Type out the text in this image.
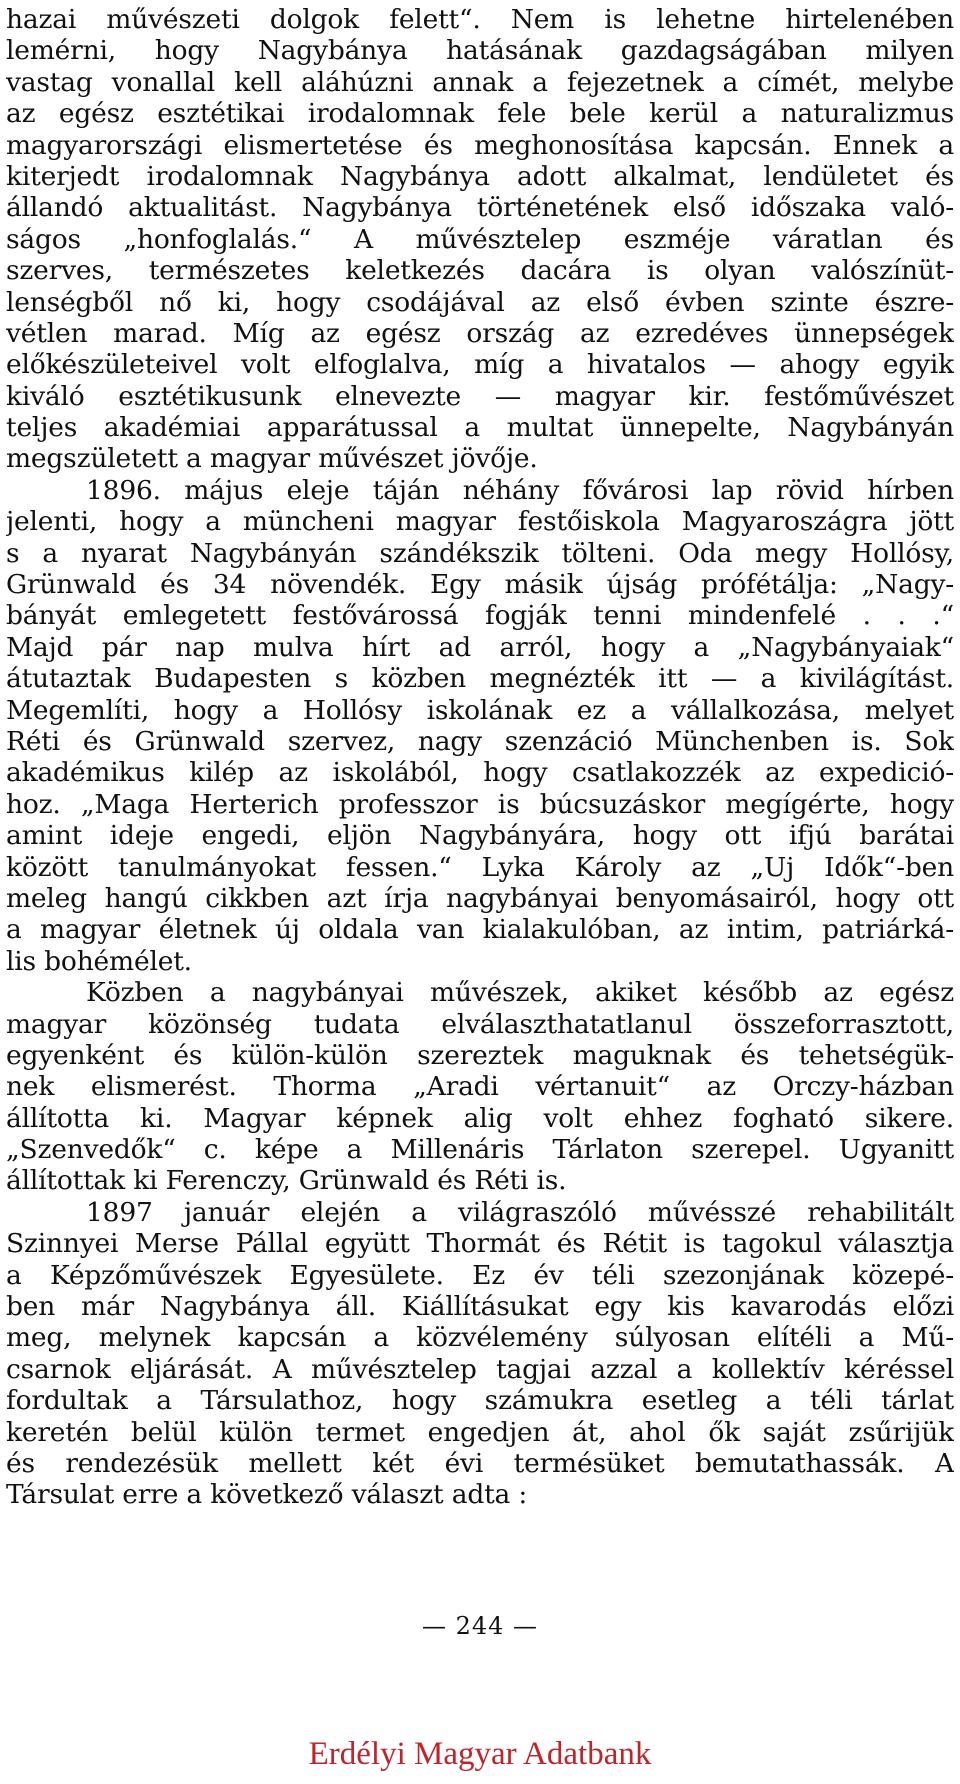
hazai művészeti dolgok felett“. Nem is lehetne hirtelenében
lemérni, hogy Nagybánya hatásának gazdagságában milyen
vastag vonallal kell aláhúzni annak a fejezetnek a címét, melybe
az egész esztétikai irodalomnak fele bele kerül a naturalizmus
magyarországi elismertetése és meghonosítása kapcsán. Ennek a
kiterjedt irodalomnak Nagybánya adott alkalmat, lendületet és
állandó aktualitást. Nagybánya történetének első időszaka való-
ságos „honfoglalás.“ A művésztelep eszméje váratlan és
szerves, természetes keletkezés dacára is olyan valószínüt-
lenségből nő ki, hogy csodájával az első évben szinte észre-
vétlen marad. Míg az egész ország az ezredéves ünnepségek
előkészületeivel volt elfoglalva, míg a hivatalos — ahogy egyik
kiváló esztétikusunk elnevezte — magyar kir. festőművészet
teljes akadémiai apparátussal a multat ünnepelte, Nagybányán
megszületett a magyar művészet jövője.
1896. május eleje táján néhány fővárosi lap rövid hírben
jelenti, hogy a müncheni magyar festőiskola Magyaroszágra jött
s a nyarat Nagybányán szándékszik tölteni. Oda megy Hollósy,
Grünwald és 34 növendék. Egy másik újság prófétálja: „Nagy-
bányát emlegetett festővárossá fogják tenni mindenfelé . . .“
Majd pár nap mulva hírt ad arról, hogy a „Nagybányaiak“
átutaztak Budapesten s közben megnézték itt — a kivilágítást.
Megemlíti, hogy a Hollósy iskolának ez a vállalkozása, melyet
Réti és Grünwald szervez, nagy szenzáció Münchenben is. Sok
akadémikus kilép az iskolából, hogy csatlakozzék az expedició-
hoz. „Maga Herterich professzor is búcsuzáskor megígérte, hogy
amint ideje engedi, eljön Nagybányára, hogy ott ifjú barátai
között tanulmányokat fessen.“ Lyka Károly az „Uj Idők“-ben
meleg hangú cikkben azt írja nagybányai benyomásairól, hogy ott
a magyar életnek új oldala van kialakulóban, az intim, patriárká-
lis bohémélet.
Közben a nagybányai művészek, akiket később az egész
magyar közönség tudata elválaszthatatlanul összeforrasztott,
egyenként és külön-külön szereztek maguknak és tehetségük-
nek elismerést. Thorma „Aradi vértanuit“ az Orczy-házban
állította ki. Magyar képnek alig volt ehhez fogható sikere.
„Szenvedők“ c. képe a Millenáris Tárlaton szerepel. Ugyanitt
állítottak ki Ferenczy, Grünwald és Réti is.
1897 január elején a világraszóló művésszé rehabilitált
Szinnyei Merse Pállal együtt Thormát és Rétit is tagokul választja
a Képzőművészek Egyesülete. Ez év téli szezonjának közepé-
ben már Nagybánya áll. Kiállításukat egy kis kavarodás előzi
meg, melynek kapcsán a közvélemény súlyosan elítéli a Mű-
csarnok eljárását. A művésztelep tagjai azzal a kollektív kéréssel
fordultak a Társulathoz, hogy számukra esetleg a téli tárlat
keretén belül külön termet engedjen át, ahol ők saját zsűrijük
és rendezésük mellett két évi termésüket bemutathassák. A
Társulat erre a következő választ adta :
— 244 —
Erdélyi Magyar Adatbank
